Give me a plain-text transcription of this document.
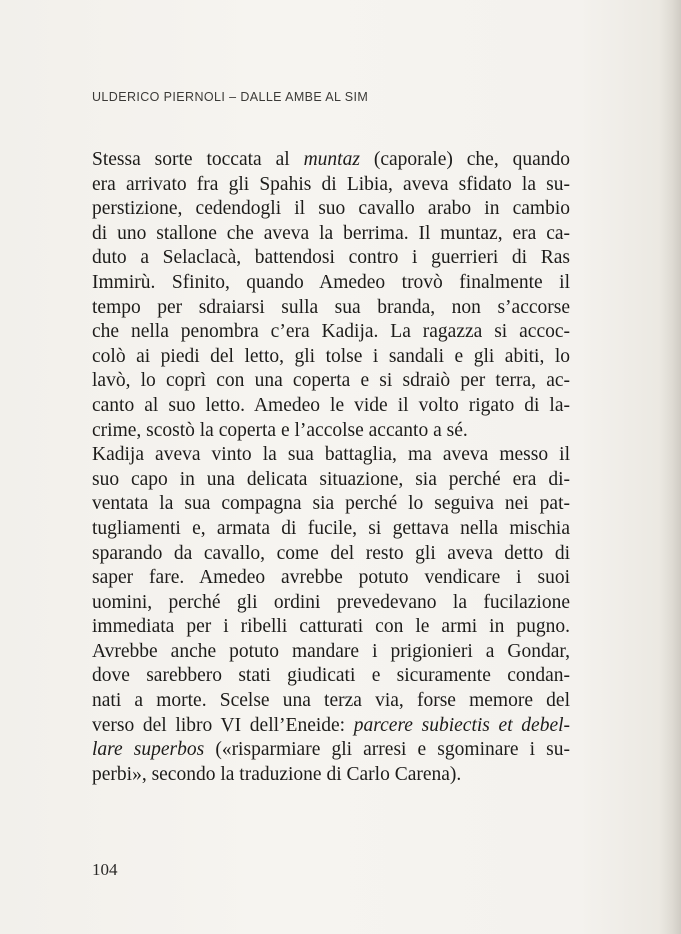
ULDERICO PIERNOLI – DALLE AMBE AL SIM
Stessa sorte toccata al muntaz (caporale) che, quando
era arrivato fra gli Spahis di Libia, aveva sfidato la su-
perstizione, cedendogli il suo cavallo arabo in cambio
di uno stallone che aveva la berrima. Il muntaz, era ca-
duto a Selaclacà, battendosi contro i guerrieri di Ras
Immirù. Sfinito, quando Amedeo trovò finalmente il
tempo per sdraiarsi sulla sua branda, non s’accorse
che nella penombra c’era Kadija. La ragazza si accoc-
colò ai piedi del letto, gli tolse i sandali e gli abiti, lo
lavò, lo coprì con una coperta e si sdraiò per terra, ac-
canto al suo letto. Amedeo le vide il volto rigato di la-
crime, scostò la coperta e l’accolse accanto a sé.
Kadija aveva vinto la sua battaglia, ma aveva messo il
suo capo in una delicata situazione, sia perché era di-
ventata la sua compagna sia perché lo seguiva nei pat-
tugliamenti e, armata di fucile, si gettava nella mischia
sparando da cavallo, come del resto gli aveva detto di
saper fare. Amedeo avrebbe potuto vendicare i suoi
uomini, perché gli ordini prevedevano la fucilazione
immediata per i ribelli catturati con le armi in pugno.
Avrebbe anche potuto mandare i prigionieri a Gondar,
dove sarebbero stati giudicati e sicuramente condan-
nati a morte. Scelse una terza via, forse memore del
verso del libro VI dell’Eneide: parcere subiectis et debel-
lare superbos («risparmiare gli arresi e sgominare i su-
perbi», secondo la traduzione di Carlo Carena).
104
